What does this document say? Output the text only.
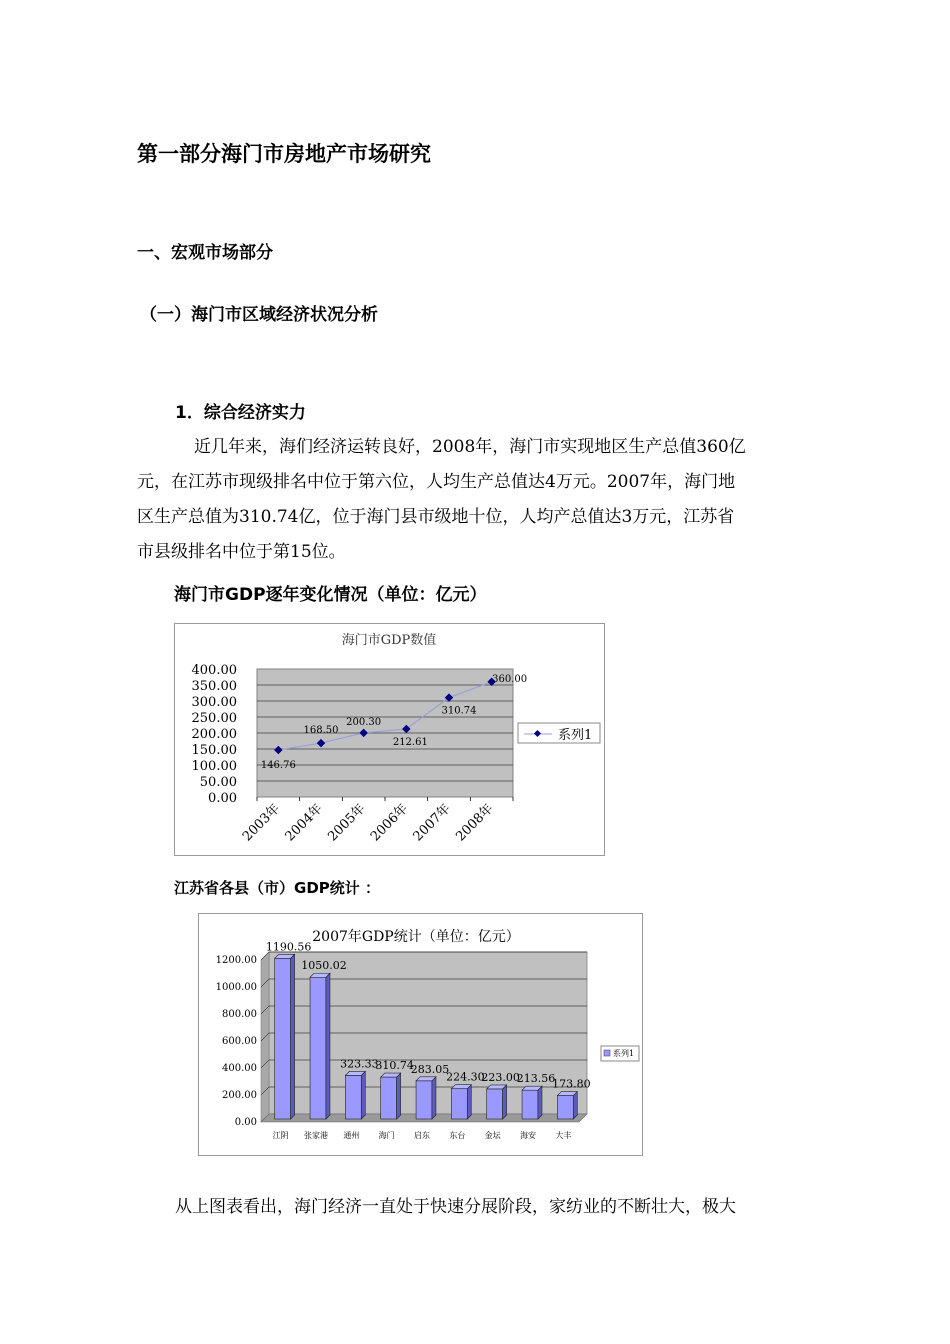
第一部分海门市房地产市场研究
一、宏观市场部分
（一）海门市区域经济状况分析
1．综合经济实力
近几年来，海们经济运转良好，2008年，海门市实现地区生产总值360亿
元，在江苏市现级排名中位于第六位，人均生产总值达4万元。2007年，海门地
区生产总值为310.74亿，位于海门县市级地十位，人均产总值达3万元，江苏省
市县级排名中位于第15位。
海门市GDP逐年变化情况（单位：亿元）
海门市GDP数值
400.00
350.00
300.00
250.00
200.00
150.00
100.00
50.00
0.00
2003年 2004年 2005年 2006年 2007年 2008年
146.76
168.50
200.30
212.61
310.74
360.00
系列1
江苏省各县（市）GDP统计 ：
2007年GDP统计（单位：亿元）
1200.00
1000.00
800.00
600.00
400.00
200.00
0.00
1190.56
江阴
1050.02
张家港
323.33
通州
310.74
海门
283.05
启东
224.30
东台
223.00
金坛
213.56
海安
173.80
大丰
系列1
从上图表看出，海门经济一直处于快速分展阶段，家纺业的不断壮大，极大
